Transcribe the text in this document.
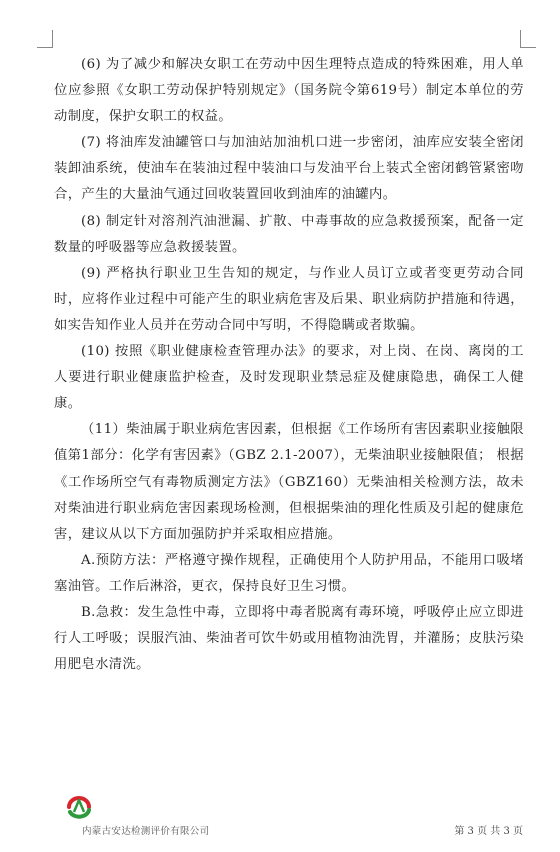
(6) 为了减少和解决女职工在劳动中因生理特点造成的特殊困难，用人单位应参照《女职工劳动保护特别规定》（国务院令第619号）制定本单位的劳动制度，保护女职工的权益。

(7) 将油库发油罐管口与加油站加油机口进一步密闭，油库应安装全密闭装卸油系统，使油车在装油过程中装油口与发油平台上装式全密闭鹤管紧密吻合，产生的大量油气通过回收装置回收到油库的油罐内。

(8) 制定针对溶剂汽油泄漏、扩散、中毒事故的应急救援预案，配备一定数量的呼吸器等应急救援装置。

(9) 严格执行职业卫生告知的规定，与作业人员订立或者变更劳动合同时，应将作业过程中可能产生的职业病危害及后果、职业病防护措施和待遇，如实告知作业人员并在劳动合同中写明，不得隐瞒或者欺骗。

(10) 按照《职业健康检查管理办法》的要求，对上岗、在岗、离岗的工人要进行职业健康监护检查，及时发现职业禁忌症及健康隐患，确保工人健康。

（11）柴油属于职业病危害因素，但根据《工作场所有害因素职业接触限值第1部分：化学有害因素》（GBZ 2.1-2007），无柴油职业接触限值； 根据《工作场所空气有毒物质测定方法》（GBZ160）无柴油相关检测方法，故未对柴油进行职业病危害因素现场检测，但根据柴油的理化性质及引起的健康危害，建议从以下方面加强防护并采取相应措施。

A.预防方法：严格遵守操作规程，正确使用个人防护用品，不能用口吸堵塞油管。工作后淋浴，更衣，保持良好卫生习惯。

B.急救：发生急性中毒，立即将中毒者脱离有毒环境，呼吸停止应立即进行人工呼吸；误服汽油、柴油者可饮牛奶或用植物油洗胃，并灌肠；皮肤污染用肥皂水清洗。

内蒙古安达检测评价有限公司	第 3 页 共 3 页
